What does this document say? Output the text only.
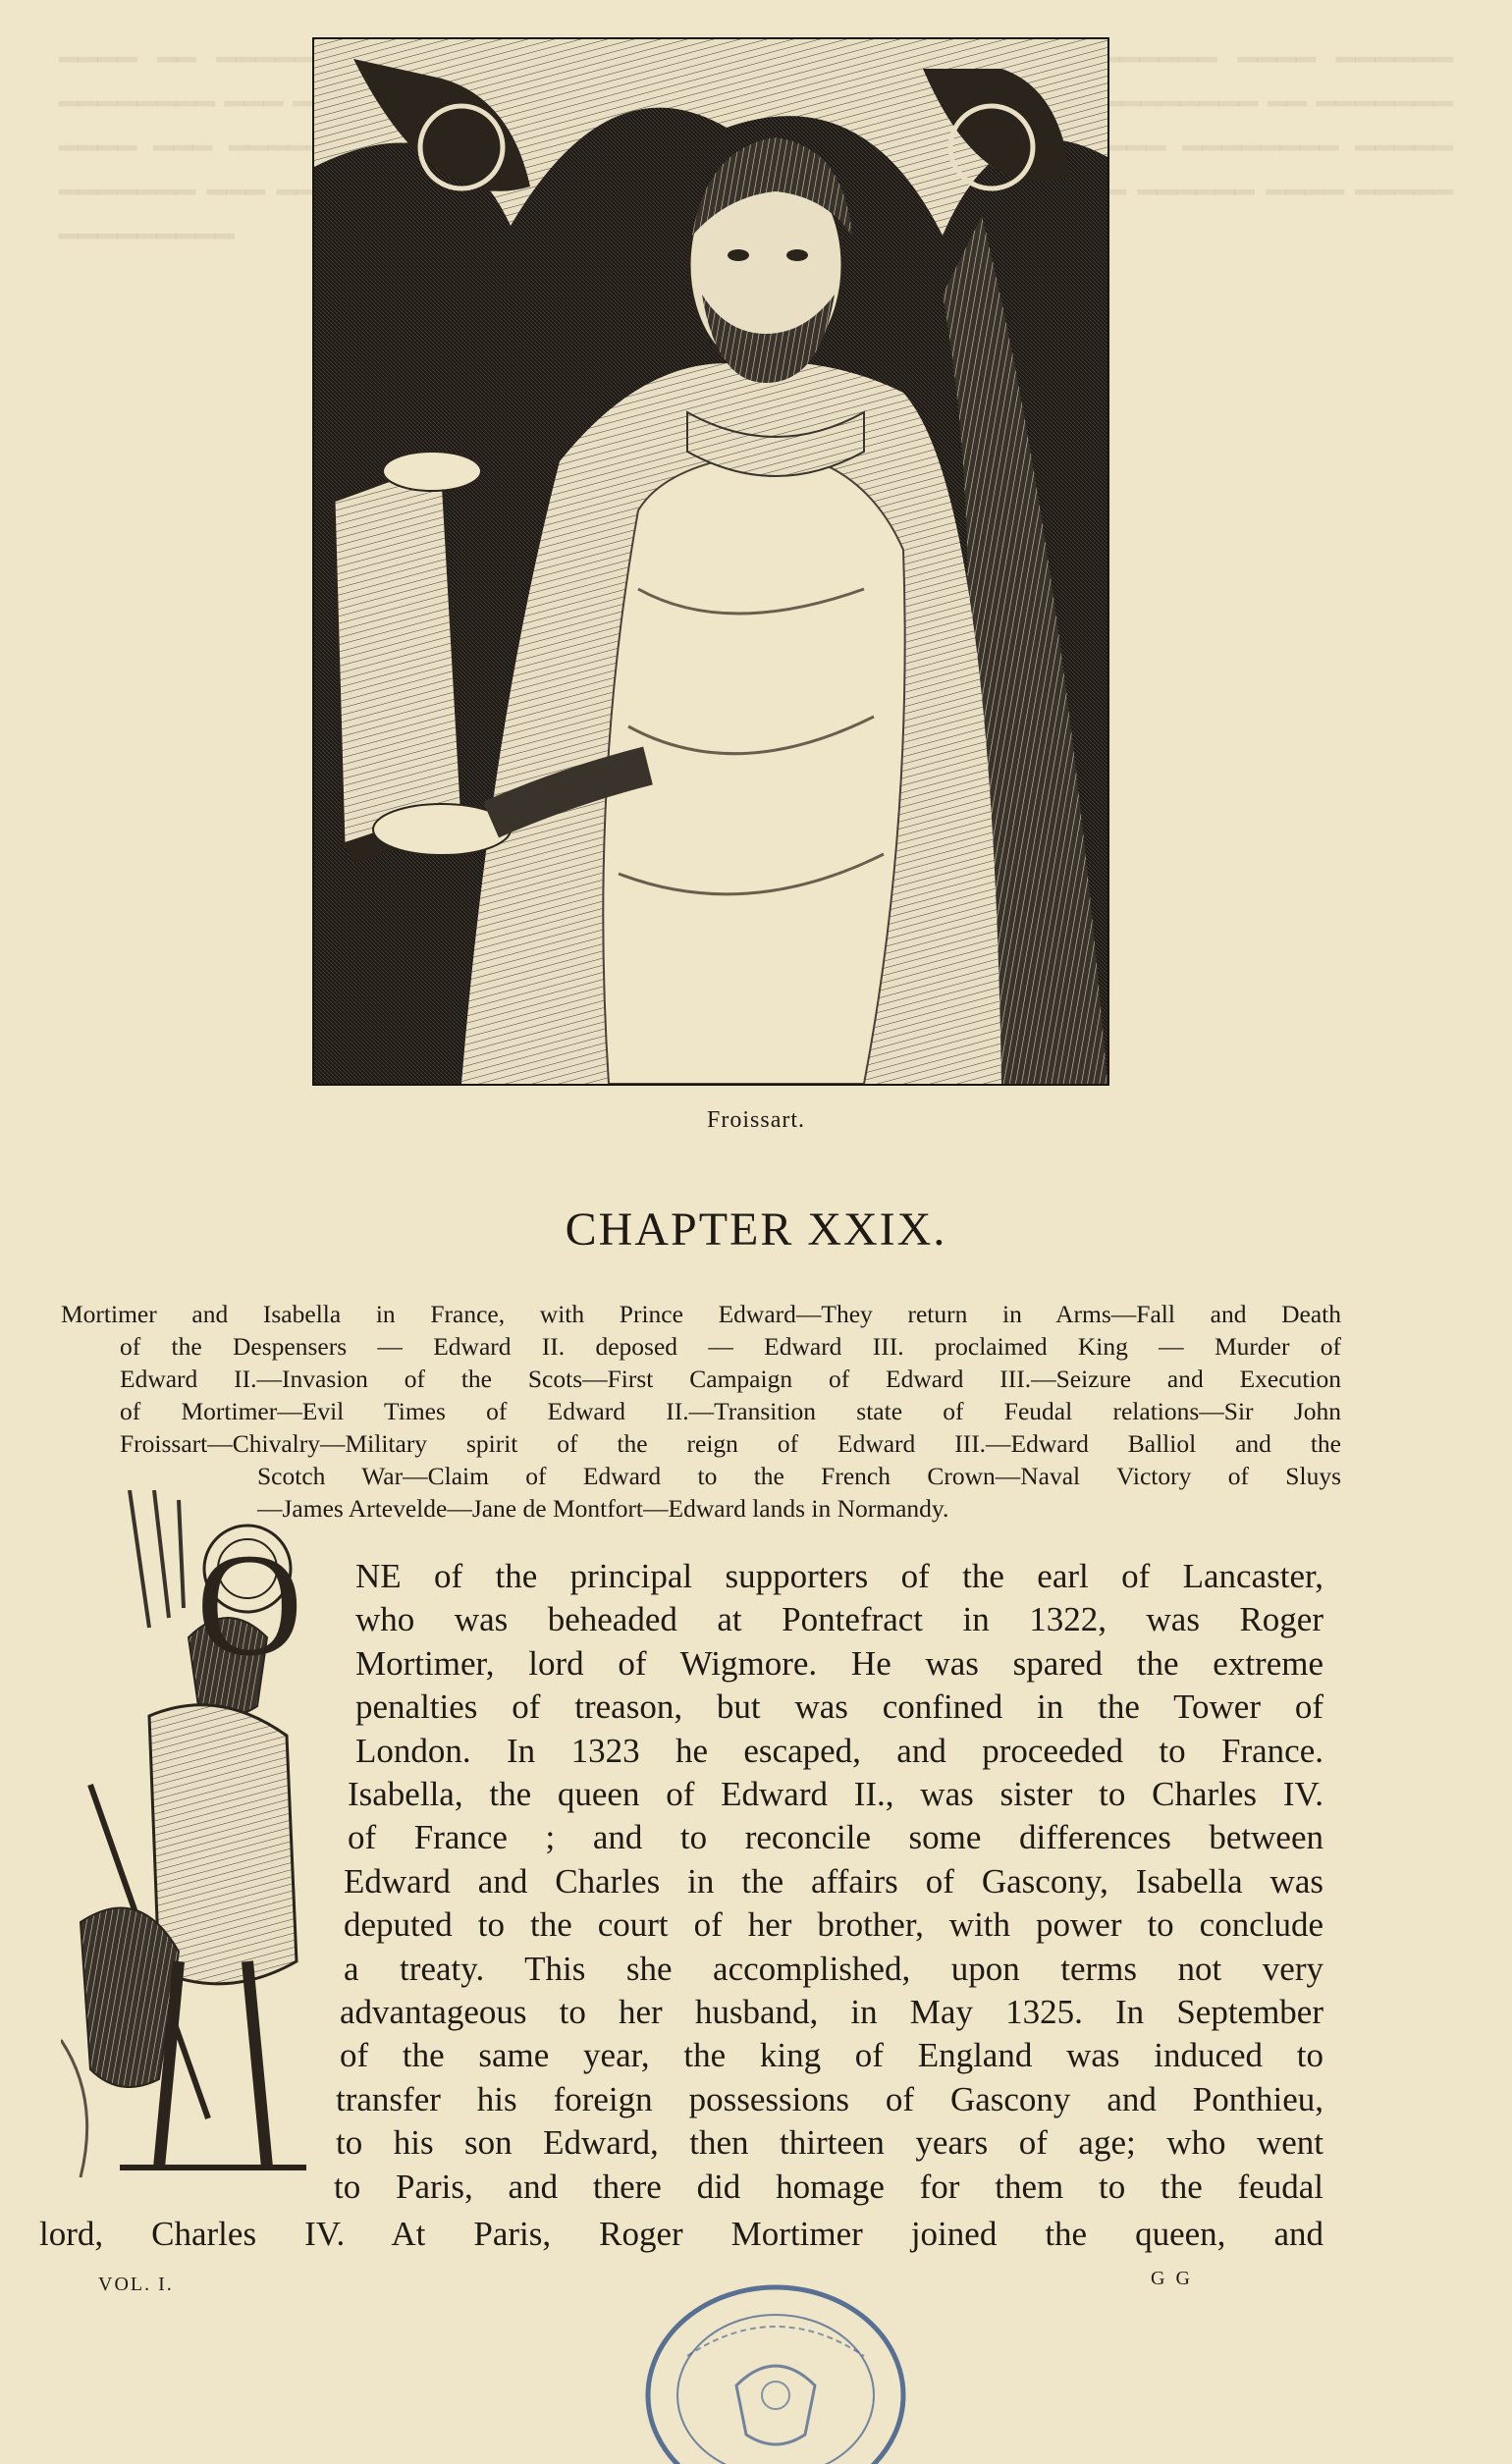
━━━━ ━━ ━━━━━━ ━━━━━━━━ ━━━━ ━━━━━━ ━━━━━━━━ ━━━ ━━━━━━━━ ━━ ━━━━━━━ ━━━━ ━━━ ━━━━━━ ━━━━ ━━━━━━━━ ━━━━━ ━━━━━━━ ━━━ ━━━━━━ ━━━━ ━━━━━ ━━━━━━━━━
Froissart.
CHAPTER XXIX.
Mortimer and Isabella in France, with Prince Edward—They return in Arms—Fall and Death
of the Despensers — Edward II. deposed — Edward III. proclaimed King — Murder of
Edward II.—Invasion of the Scots—First Campaign of Edward III.—Seizure and Execution
of Mortimer—Evil Times of Edward II.—Transition state of Feudal relations—Sir John
Froissart—Chivalry—Military spirit of the reign of Edward III.—Edward Balliol and the
Scotch War—Claim of Edward to the French Crown—Naval Victory of Sluys
—James Artevelde—Jane de Montfort—Edward lands in Normandy.
O NE of the principal supporters of the earl of Lancaster,
who was beheaded at Pontefract in 1322, was Roger
Mortimer, lord of Wigmore. He was spared the extreme
penalties of treason, but was confined in the Tower of
London. In 1323 he escaped, and proceeded to France.
Isabella, the queen of Edward II., was sister to Charles IV.
of France ; and to reconcile some differences between
Edward and Charles in the affairs of Gascony, Isabella was
deputed to the court of her brother, with power to conclude
a treaty. This she accomplished, upon terms not very
advantageous to her husband, in May 1325. In September
of the same year, the king of England was induced to
transfer his foreign possessions of Gascony and Ponthieu,
to his son Edward, then thirteen years of age; who went
to Paris, and there did homage for them to the feudal
lord, Charles IV. At Paris, Roger Mortimer joined the queen, and
VOL. I.	G G
